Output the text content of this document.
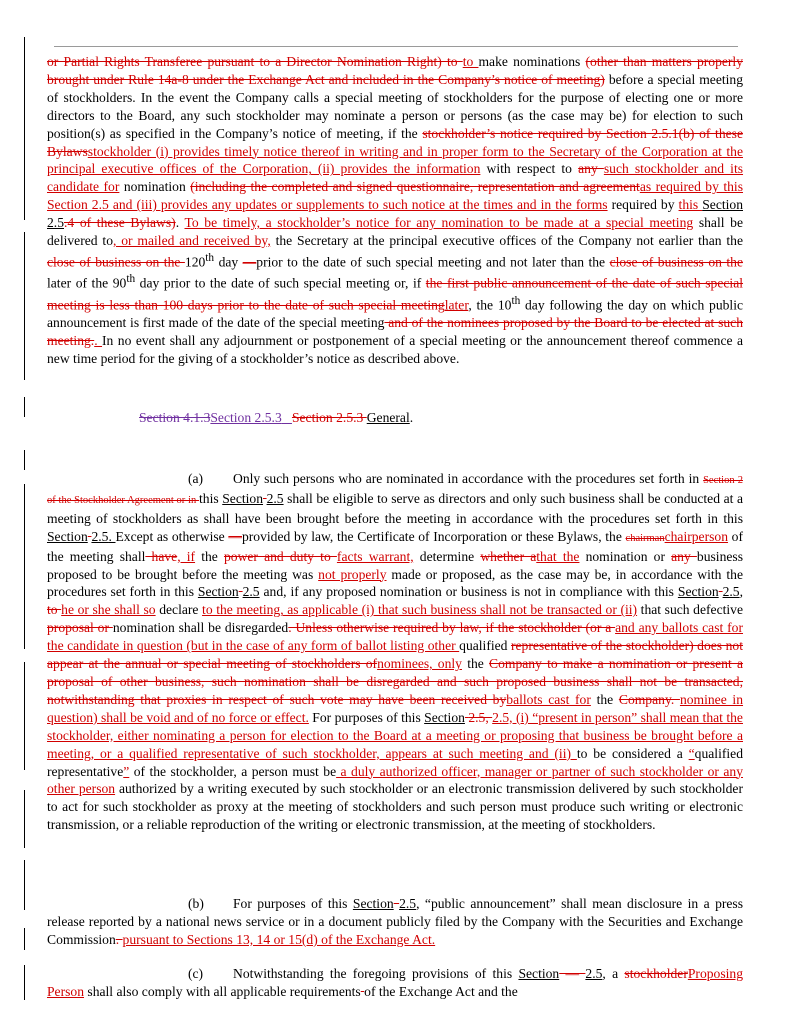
or Partial Rights Transferee pursuant to a Director Nomination Right) to to make nominations (other than matters properly brought under Rule 14a-8 under the Exchange Act and included in the Company’s notice of meeting) before a special meeting of stockholders. In the event the Company calls a special meeting of stockholders for the purpose of electing one or more directors to the Board, any such stockholder may nominate a person or persons (as the case may be) for election to such position(s) as specified in the Company’s notice of meeting, if the stockholder’s notice required by Section 2.5.1(b) of these Bylawsstockholder (i) provides timely notice thereof in writing and in proper form to the Secretary of the Corporation at the principal executive offices of the Corporation, (ii) provides the information with respect to any such stockholder and its candidate for nomination (including the completed and signed questionnaire, representation and agreementas required by this Section 2.5 and (iii) provides any updates or supplements to such notice at the times and in the forms required by this Section 2.5.4 of these Bylaws). To be timely, a stockholder’s notice for any nomination to be made at a special meeting shall be delivered to, or mailed and received by, the Secretary at the principal executive offices of the Company not earlier than the close of business on the 120th day —prior to the date of such special meeting and not later than the close of business on the later of the 90th day prior to the date of such special meeting or, if the first public announcement of the date of such special meeting is less than 100 days prior to the date of such special meetinglater, the 10th day following the day on which public announcement is first made of the date of the special meeting and of the nominees proposed by the Board to be elected at such meeting.. In no event shall any adjournment or postponement of a special meeting or the announcement thereof commence a new time period for the giving of a stockholder’s notice as described above.

Section 4.1.3Section 2.5.3 Section 2.5.3 General.

(a) Only such persons who are nominated in accordance with the procedures set forth in Section 2 of the Stockholder Agreement or in this Section 2.5 shall be eligible to serve as directors and only such business shall be conducted at a meeting of stockholders as shall have been brought before the meeting in accordance with the procedures set forth in this Section 2.5. Except as otherwise —provided by law, the Certificate of Incorporation or these Bylaws, the chairmanchairperson of the meeting shall have, if the power and duty to facts warrant, determine whether athat the nomination or any business proposed to be brought before the meeting was not properly made or proposed, as the case may be, in accordance with the procedures set forth in this Section 2.5 and, if any proposed nomination or business is not in compliance with this Section 2.5, to he or she shall so declare to the meeting, as applicable (i) that such business shall not be transacted or (ii) that such defective proposal or nomination shall be disregarded. Unless otherwise required by law, if the stockholder (or a and any ballots cast for the candidate in question (but in the case of any form of ballot listing other qualified representative of the stockholder) does not appear at the annual or special meeting of stockholders ofnominees, only the Company to make a nomination or present a proposal of other business, such nomination shall be disregarded and such proposed business shall not be transacted, notwithstanding that proxies in respect of such vote may have been received byballots cast for the Company. nominee in question) shall be void and of no force or effect. For purposes of this Section 2.5, 2.5, (i) “present in person” shall mean that the stockholder, either nominating a person for election to the Board at a meeting or proposing that business be brought before a meeting, or a qualified representative of such stockholder, appears at such meeting and (ii) to be considered a “qualified representative” of the stockholder, a person must be a duly authorized officer, manager or partner of such stockholder or any other person authorized by a writing executed by such stockholder or an electronic transmission delivered by such stockholder to act for such stockholder as proxy at the meeting of stockholders and such person must produce such writing or electronic transmission, or a reliable reproduction of the writing or electronic transmission, at the meeting of stockholders.

(b) For purposes of this Section 2.5, “public announcement” shall mean disclosure in a press release reported by a national news service or in a document publicly filed by the Company with the Securities and Exchange Commission. pursuant to Sections 13, 14 or 15(d) of the Exchange Act.

(c) Notwithstanding the foregoing provisions of this Section — 2.5, a stockholderProposing Person shall also comply with all applicable requirements of the Exchange Act and the
